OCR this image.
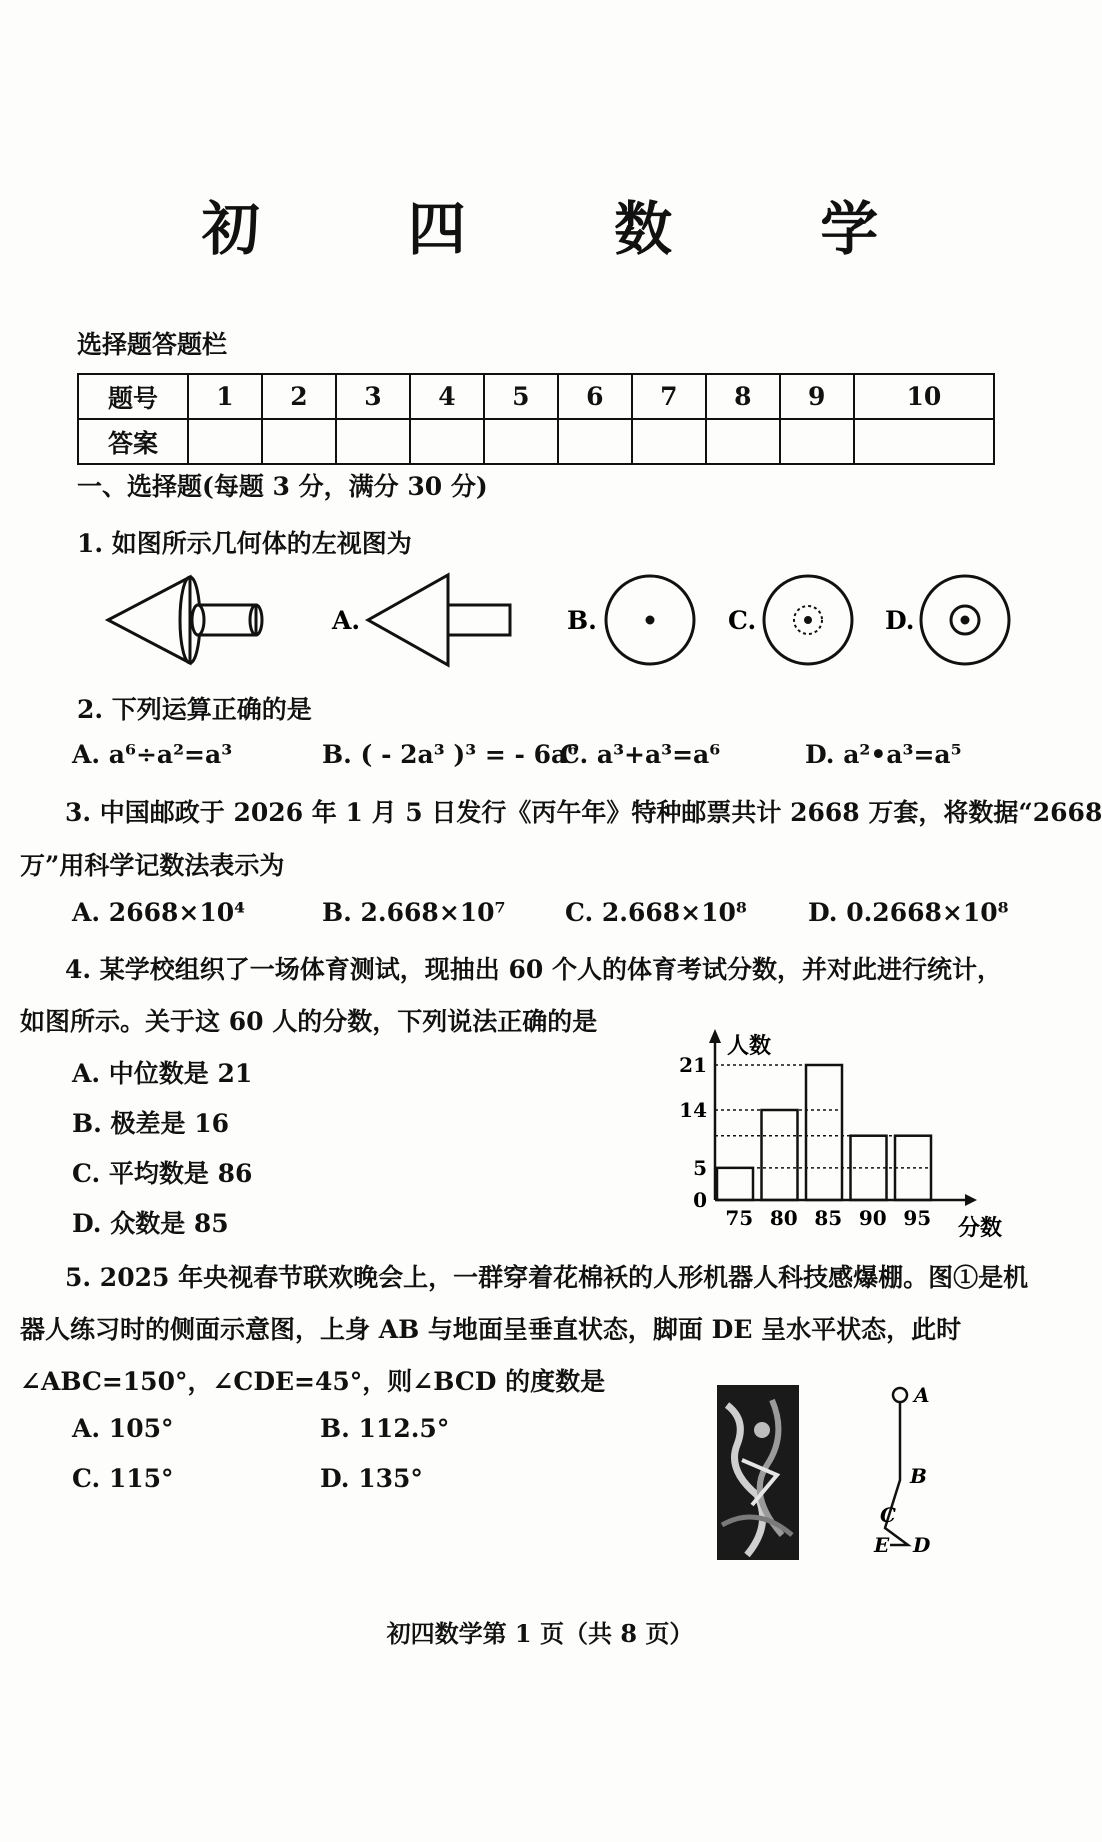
初 四 数 学
选择题答题栏
题号	1	2	3	4	5	6	7	8	9	10
答案										
一、选择题(每题 3 分，满分 30 分)
1. 如图所示几何体的左视图为
A.	B.	C.	D.
2. 下列运算正确的是
A. a⁶÷a²=a³	B. ( - 2a³ )³ = - 6a⁶
C. a³+a³=a⁶	D. a²•a³=a⁵
3. 中国邮政于 2026 年 1 月 5 日发行《丙午年》特种邮票共计 2668 万套，将数据“2668
万”用科学记数法表示为
A. 2668×10⁴	B. 2.668×10⁷ C. 2.668×10⁸ D. 0.2668×10⁸
4. 某学校组织了一场体育测试，现抽出 60 个人的体育考试分数，并对此进行统计，
如图所示。关于这 60 人的分数，下列说法正确的是
A. 中位数是 21
B. 极差是 16
C. 平均数是 86
D. 众数是 85
人数
分数
21
14
5
0
75 80 85 90 95
5. 2025 年央视春节联欢晚会上，一群穿着花棉袄的人形机器人科技感爆棚。图①是机
器人练习时的侧面示意图，上身 AB 与地面呈垂直状态，脚面 DE 呈水平状态，此时
∠ABC=150°，∠CDE=45°，则∠BCD 的度数是
A. 105°	B. 112.5°
C. 115°	D. 135°
A
B
C
D
E
初四数学第 1 页（共 8 页）
